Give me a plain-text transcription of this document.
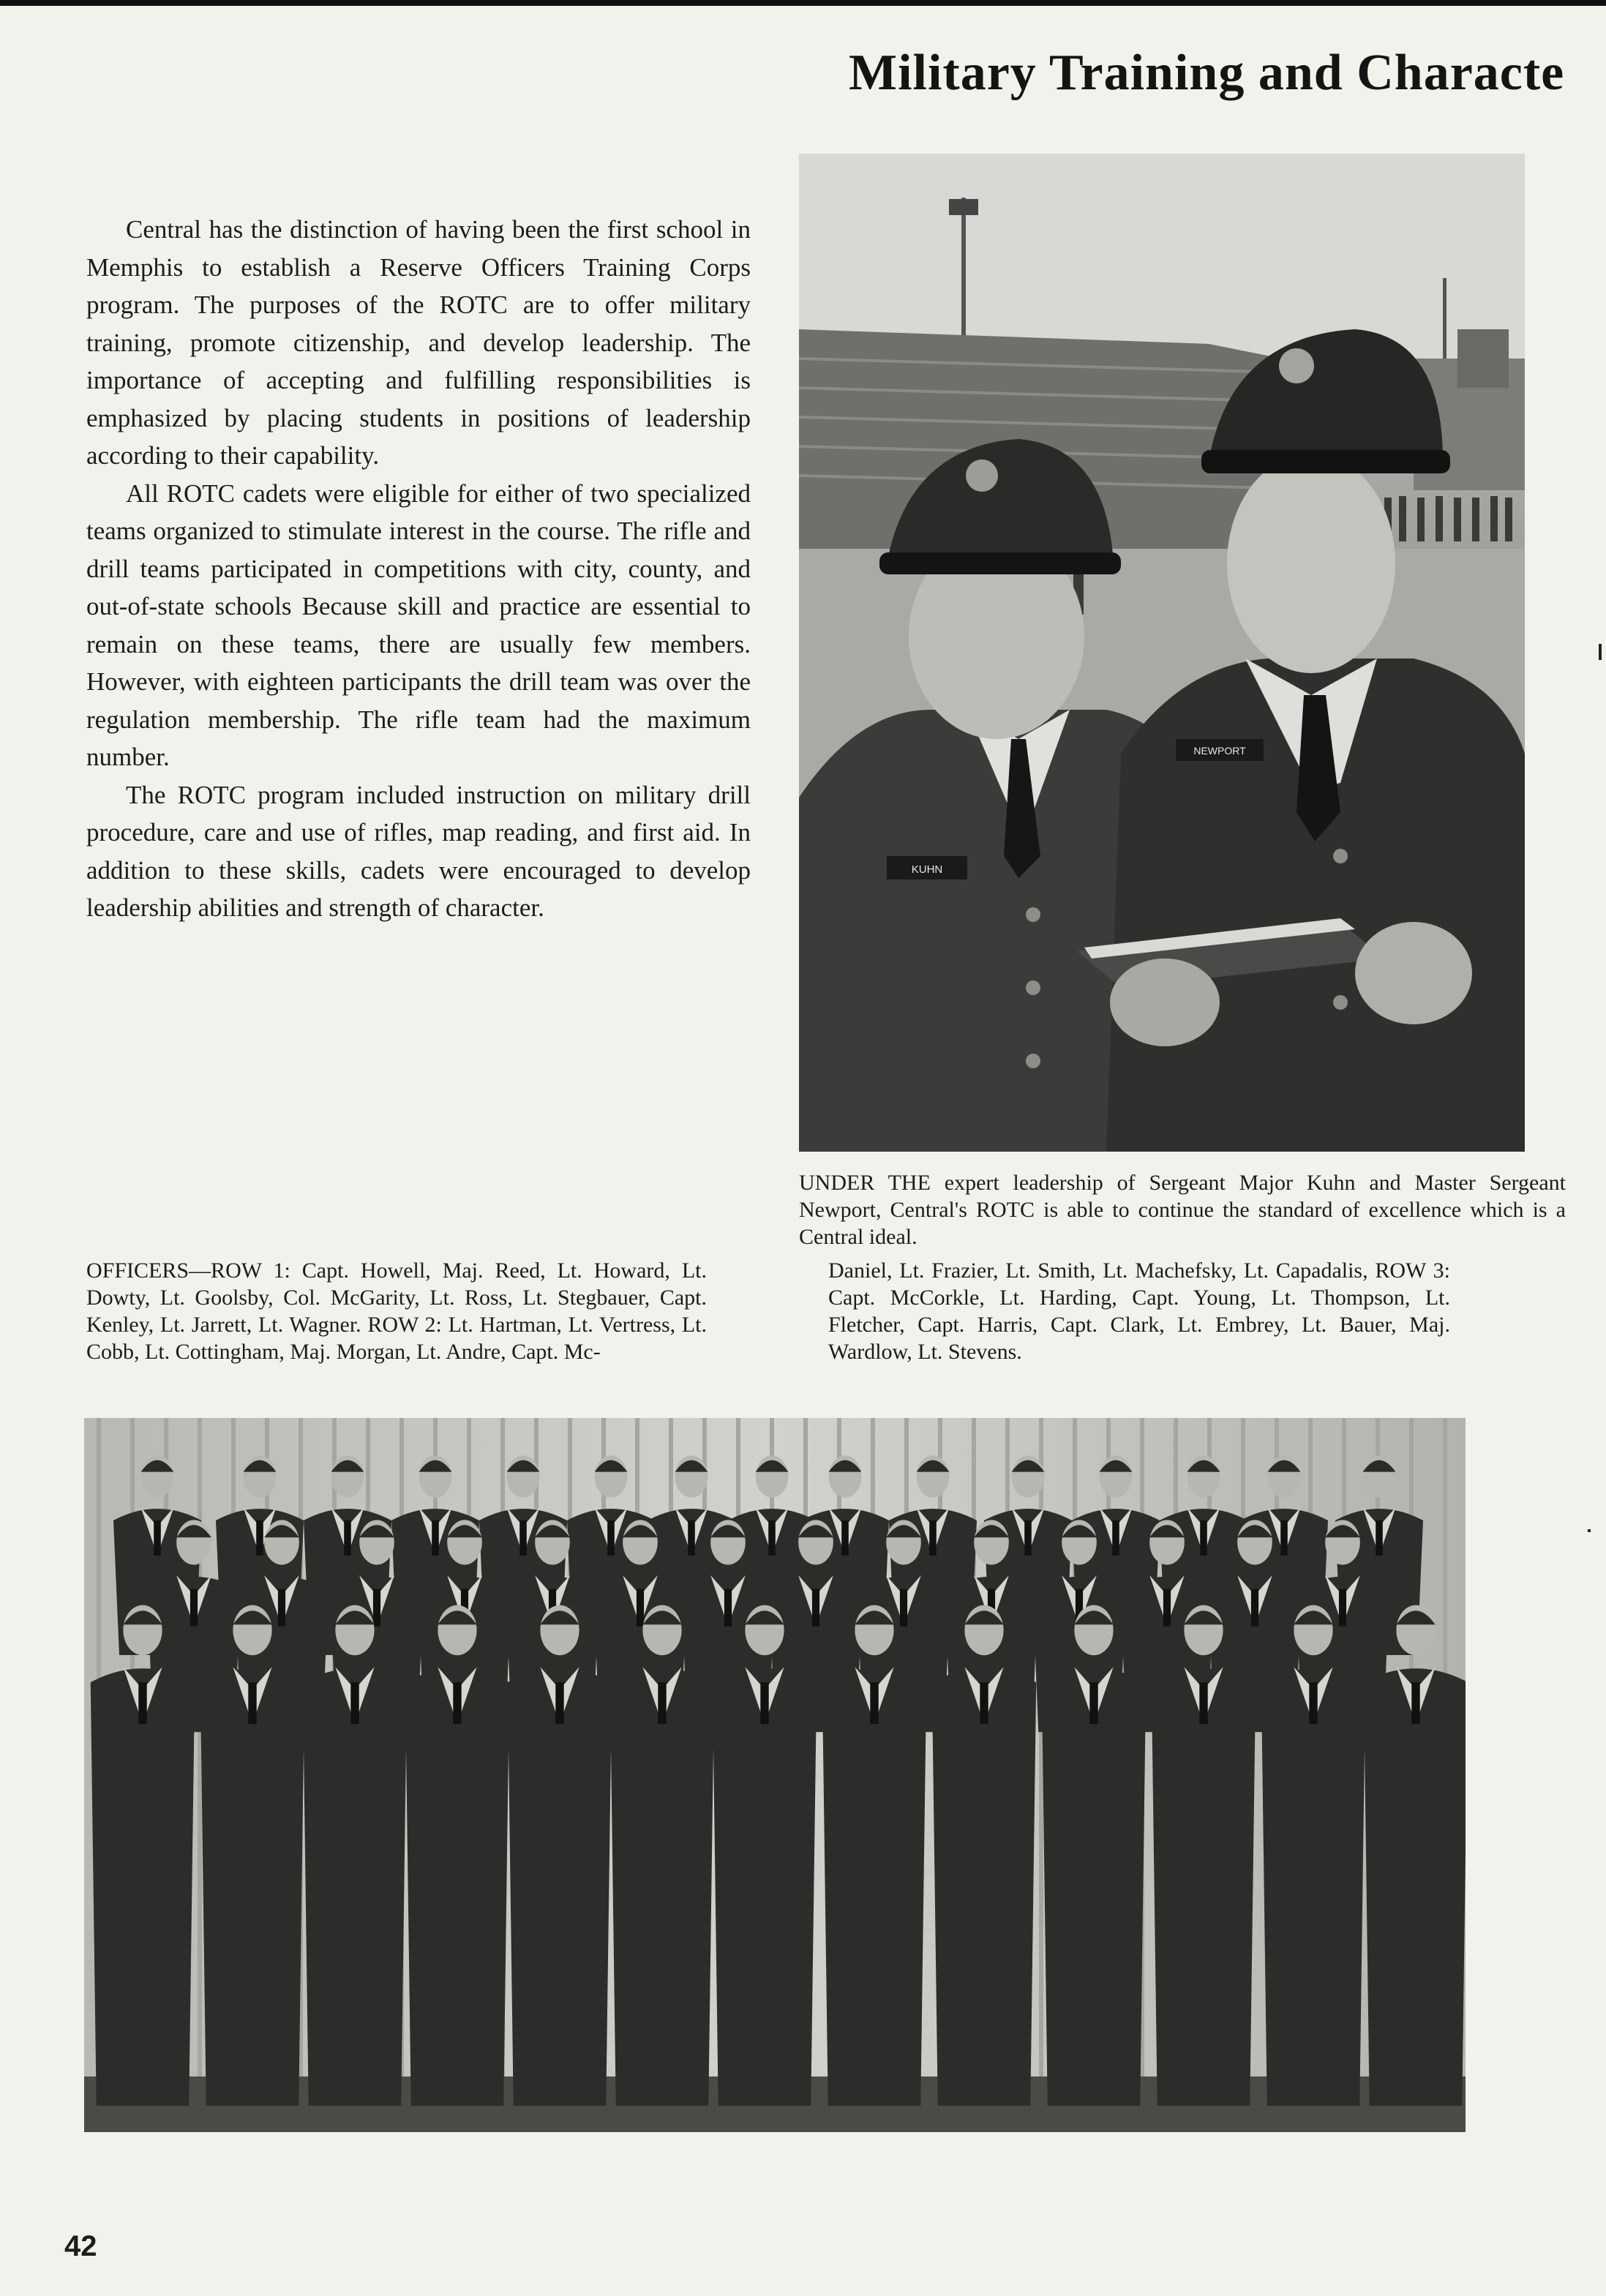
Military Training and Characte

Central has the distinction of having been the first school in Memphis to establish a Reserve Officers Training Corps program. The purposes of the ROTC are to offer military training, promote citizenship, and develop leadership. The importance of accepting and fulfilling responsibilities is emphasized by placing students in positions of leadership according to their capability.

All ROTC cadets were eligible for either of two specialized teams organized to stimulate interest in the course. The rifle and drill teams participated in competitions with city, county, and out-of-state schools Because skill and practice are essential to remain on these teams, there are usually few members. However, with eighteen participants the drill team was over the regulation membership. The rifle team had the maximum number.

The ROTC program included instruction on military drill procedure, care and use of rifles, map reading, and first aid. In addition to these skills, cadets were encouraged to develop leadership abilities and strength of character.

KUHN
NEWPORT
UNDER THE expert leadership of Sergeant Major Kuhn and Master Sergeant Newport, Central's ROTC is able to continue the standard of excellence which is a Central ideal.
OFFICERS—ROW 1: Capt. Howell, Maj. Reed, Lt. Howard, Lt. Dowty, Lt. Goolsby, Col. McGarity, Lt. Ross, Lt. Stegbauer, Capt. Kenley, Lt. Jarrett, Lt. Wagner. ROW 2: Lt. Hartman, Lt. Vertress, Lt. Cobb, Lt. Cottingham, Maj. Morgan, Lt. Andre, Capt. Mc-
Daniel, Lt. Frazier, Lt. Smith, Lt. Machefsky, Lt. Capadalis, ROW 3: Capt. McCorkle, Lt. Harding, Capt. Young, Lt. Thompson, Lt. Fletcher, Capt. Harris, Capt. Clark, Lt. Embrey, Lt. Bauer, Maj. Wardlow, Lt. Stevens.
42
